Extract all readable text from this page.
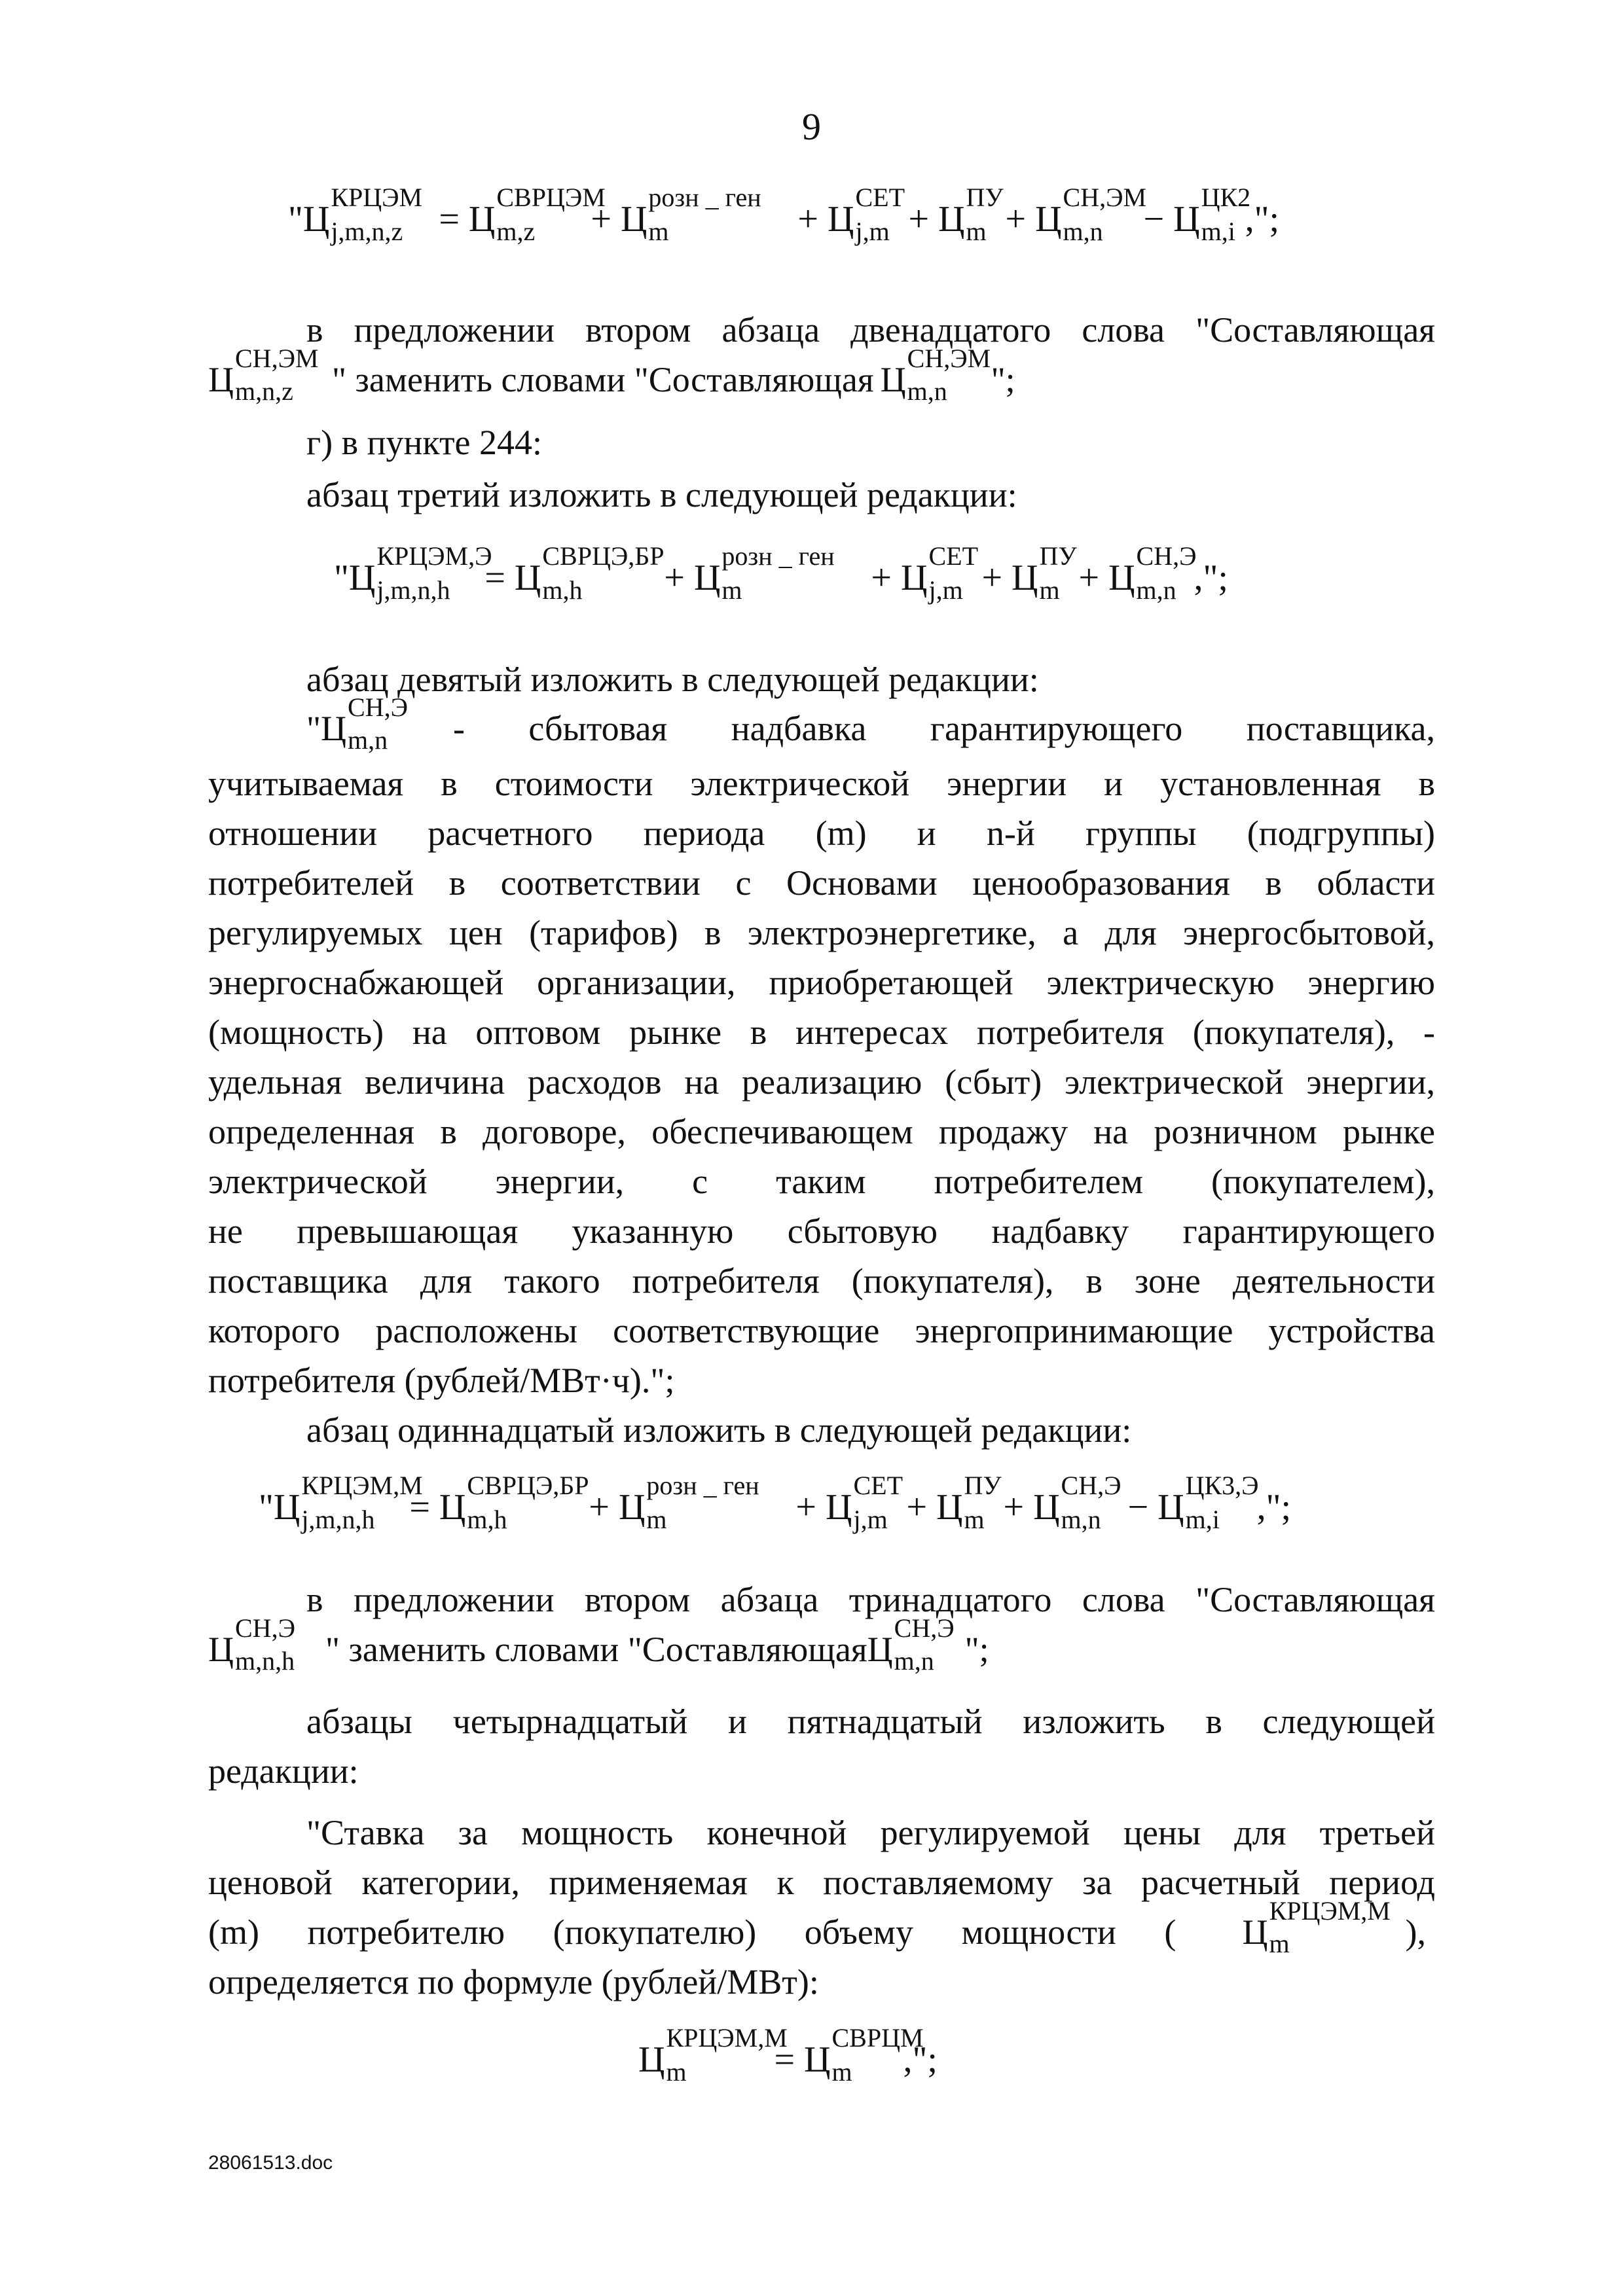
9
"Ц
КРЦЭМ
j,m,n,z = Ц
СВРЦЭМ
m,z + Ц
розн _ ген
m	+ Ц
СЕТ
j,m + Ц
ПУ
m + Ц
СН,ЭМ
m,n − Ц
ЦК2
m,i ,";
в предложении втором абзаца двенадцатого слова "Составляющая
Ц
СН,ЭМ
m,n,z " заменить словами "Составляющая Ц
СН,ЭМ
m,n ";
г) в пункте 244:
абзац третий изложить в следующей редакции:
"Ц
КРЦЭМ,Э
j,m,n,h = Ц
СВРЦЭ,БР
m,h + Ц
розн _ ген
m	+ Ц
СЕТ
j,m + Ц
ПУ
m + Ц
СН,Э
m,n ,";
абзац девятый изложить в следующей редакции:
"Ц
СН,Э
m,n - сбытовая надбавка гарантирующего поставщика,
учитываемая в стоимости электрической энергии и установленная в
отношении расчетного периода (m) и n-й группы (подгруппы)
потребителей в соответствии с Основами ценообразования в области
регулируемых цен (тарифов) в электроэнергетике, а для энергосбытовой,
энергоснабжающей организации, приобретающей электрическую энергию
(мощность) на оптовом рынке в интересах потребителя (покупателя), -
удельная величина расходов на реализацию (сбыт) электрической энергии,
определенная в договоре, обеспечивающем продажу на розничном рынке
электрической энергии, с таким потребителем (покупателем),
не превышающая указанную сбытовую надбавку гарантирующего
поставщика для такого потребителя (покупателя), в зоне деятельности
которого расположены соответствующие энергопринимающие устройства
потребителя (рублей/МВт·ч).";
абзац одиннадцатый изложить в следующей редакции:
"Ц
КРЦЭМ,М
j,m,n,h = Ц
СВРЦЭ,БР
m,h + Ц
розн _ ген
m	+ Ц
СЕТ
j,m + Ц
ПУ
m + Ц
СН,Э
m,n − Ц
ЦК3,Э
m,i ,";
в предложении втором абзаца тринадцатого слова "Составляющая
Ц
СН,Э
m,n,h " заменить словами "СоставляющаяЦ
СН,Э
m,n ";
абзацы четырнадцатый и пятнадцатый изложить в следующей
редакции:
"Ставка за мощность конечной регулируемой цены для третьей
ценовой категории, применяемая к поставляемому за расчетный период
(m) потребителю (покупателю) объему мощности ( Ц
КРЦЭМ,М
m	),
определяется по формуле (рублей/МВт):
Ц
КРЦЭМ,М
m = Ц
СВРЦМ
m ,";
28061513.doc
